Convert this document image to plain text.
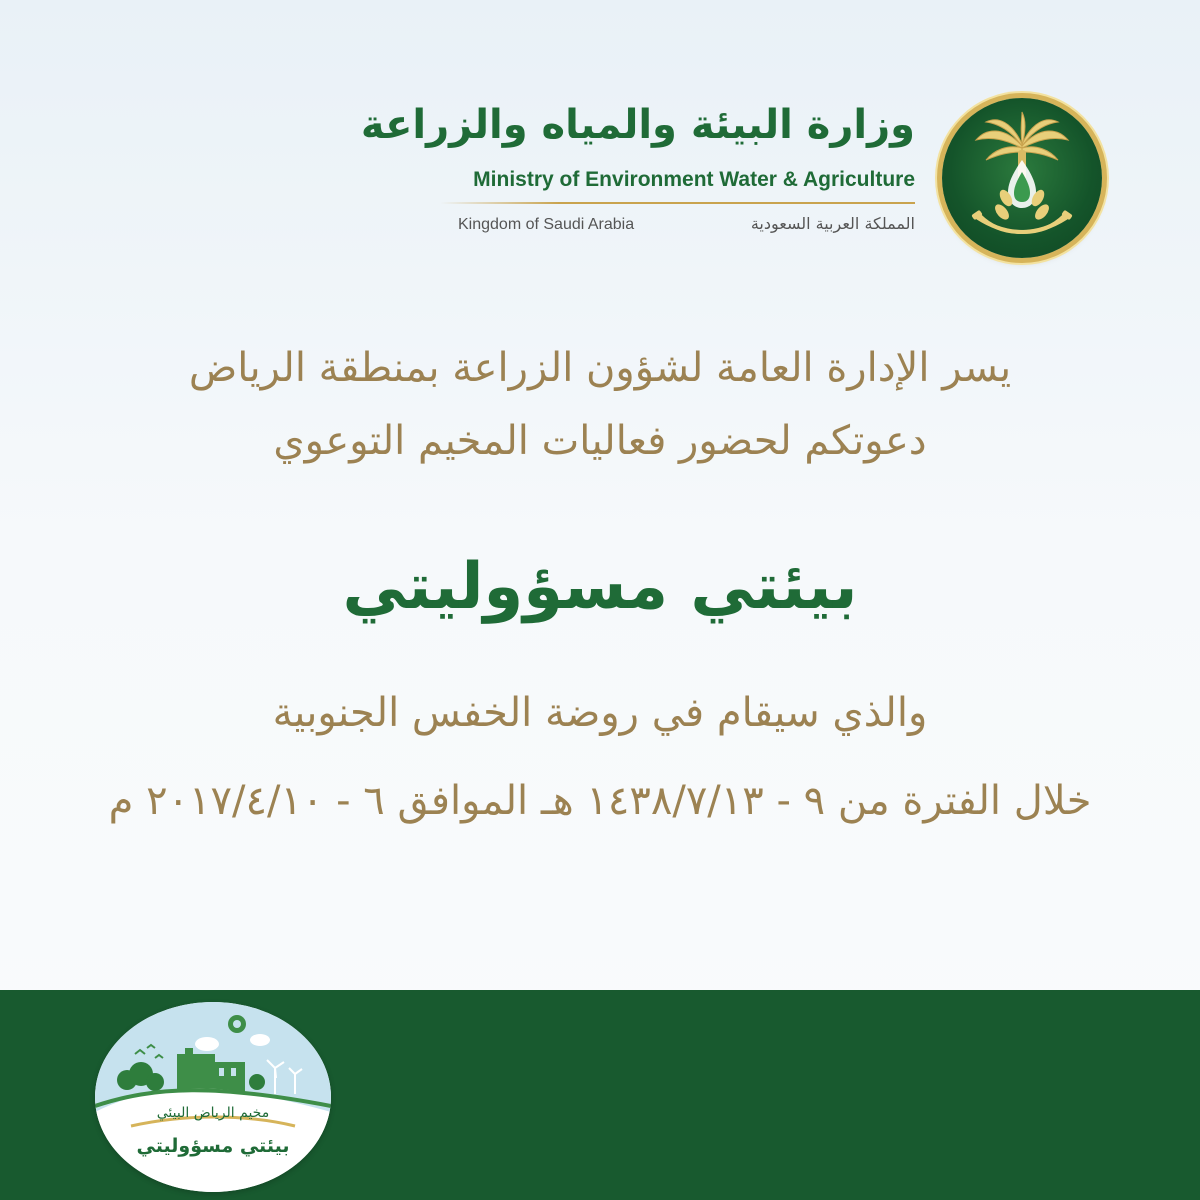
وزارة البيئة والمياه والزراعة

Ministry of Environment Water & Agriculture

Kingdom of Saudi Arabia	المملكة العربية السعودية

يسر الإدارة العامة لشؤون الزراعة بمنطقة الرياض

دعوتكم لحضور فعاليات المخيم التوعوي

بيئتي مسؤوليتي

والذي سيقام في روضة الخفس الجنوبية

خلال الفترة من ٩ - ١٤٣٨/٧/١٣ هـ الموافق ٦ - ٢٠١٧/٤/١٠ م

مخيم الرياض البيئي

بيئتي مسؤوليتي
